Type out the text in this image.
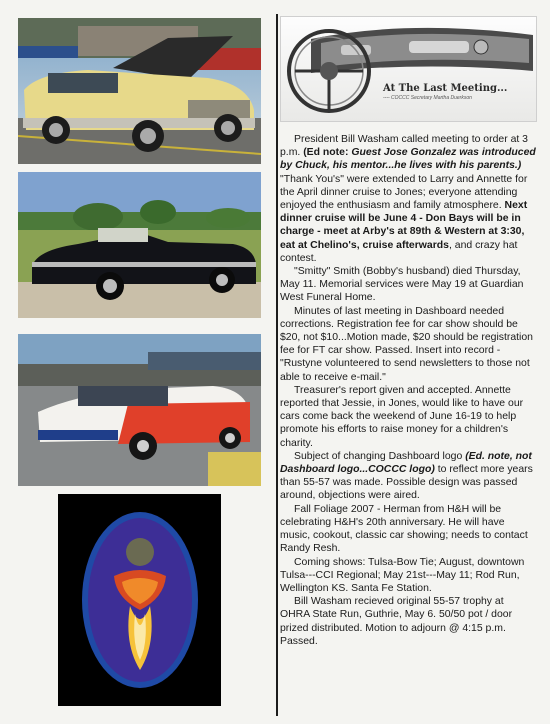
At The Last Meeting...
---- COCCC Secretary Martha Duerkson

President Bill Washam called meeting to order at 3 p.m. (Ed note: Guest Jose Gonzalez was introduced by Chuck, his mentor...he lives with his parents.) "Thank You's" were extended to Larry and Annette for the April dinner cruise to Jones; everyone attending enjoyed the enthusiasm and family atmosphere. Next dinner cruise will be June 4 - Don Bays will be in charge - meet at Arby's at 89th & Western at 3:30, eat at Chelino's, cruise afterwards, and crazy hat contest.

"Smitty" Smith (Bobby's husband) died Thursday, May 11. Memorial services were May 19 at Guardian West Funeral Home.

Minutes of last meeting in Dashboard needed corrections. Registration fee for car show should be $20, not $10...Motion made, $20 should be registration fee for FT car show. Passed. Insert into record - "Rustyne volunteered to send newsletters to those not able to receive e-mail."

Treasurer's report given and accepted. Annette reported that Jessie, in Jones, would like to have our cars come back the weekend of June 16-19 to help promote his efforts to raise money for a children's charity.

Subject of changing Dashboard logo (Ed. note, not Dashboard logo...COCCC logo) to reflect more years than 55-57 was made. Possible design was passed around, objections were aired.

Fall Foliage 2007 - Herman from H&H will be celebrating H&H's 20th anniversary. He will have music, cookout, classic car showing; needs to contact Randy Resh.

Coming shows: Tulsa-Bow Tie; August, downtown Tulsa---CCI Regional; May 21st---May 11; Rod Run, Wellington KS. Santa Fe Station.

Bill Washam recieved original 55-57 trophy at OHRA State Run, Guthrie, May 6. 50/50 pot / door prized distributed. Motion to adjourn @ 4:15 p.m. Passed.
